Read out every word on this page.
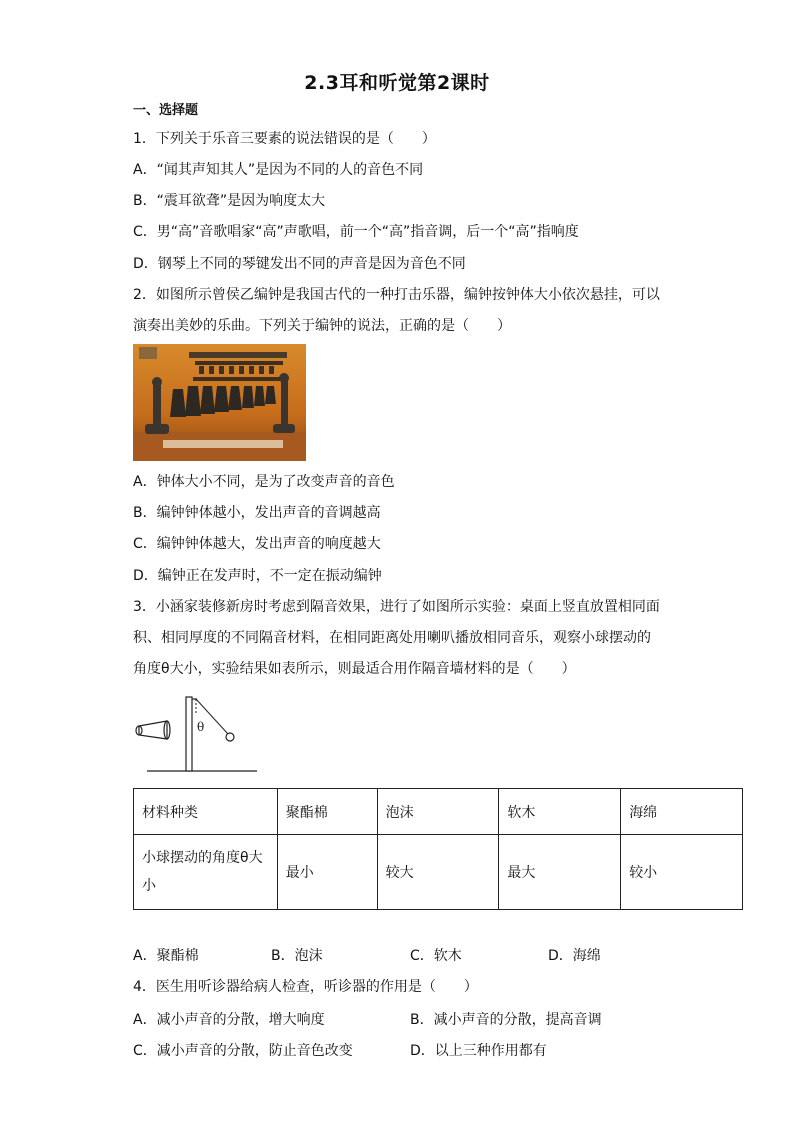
2.3耳和听觉第2课时
一、选择题
1．下列关于乐音三要素的说法错误的是（　　）
A．“闻其声知其人”是因为不同的人的音色不同
B．“震耳欲聋”是因为响度太大
C．男“高”音歌唱家“高”声歌唱，前一个“高”指音调，后一个“高”指响度
D．钢琴上不同的琴键发出不同的声音是因为音色不同
2．如图所示曾侯乙编钟是我国古代的一种打击乐器，编钟按钟体大小依次悬挂，可以
演奏出美妙的乐曲。下列关于编钟的说法，正确的是（　　）
A．钟体大小不同，是为了改变声音的音色
B．编钟钟体越小，发出声音的音调越高
C．编钟钟体越大，发出声音的响度越大
D．编钟正在发声时，不一定在振动编钟
3．小涵家装修新房时考虑到隔音效果，进行了如图所示实验：桌面上竖直放置相同面
积、相同厚度的不同隔音材料，在相同距离处用喇叭播放相同音乐，观察小球摆动的
角度θ大小，实验结果如表所示，则最适合用作隔音墙材料的是（　　）
θ
材料种类	聚酯棉	泡沫	软木	海绵

小球摆动的角度θ大
小	最小	较大	最大	较小
A．聚酯棉	B．泡沫	C．软木	D．海绵
4．医生用听诊器给病人检查，听诊器的作用是（　　）
A．减小声音的分散，增大响度	B．减小声音的分散，提高音调
C．减小声音的分散，防止音色改变	D．以上三种作用都有
